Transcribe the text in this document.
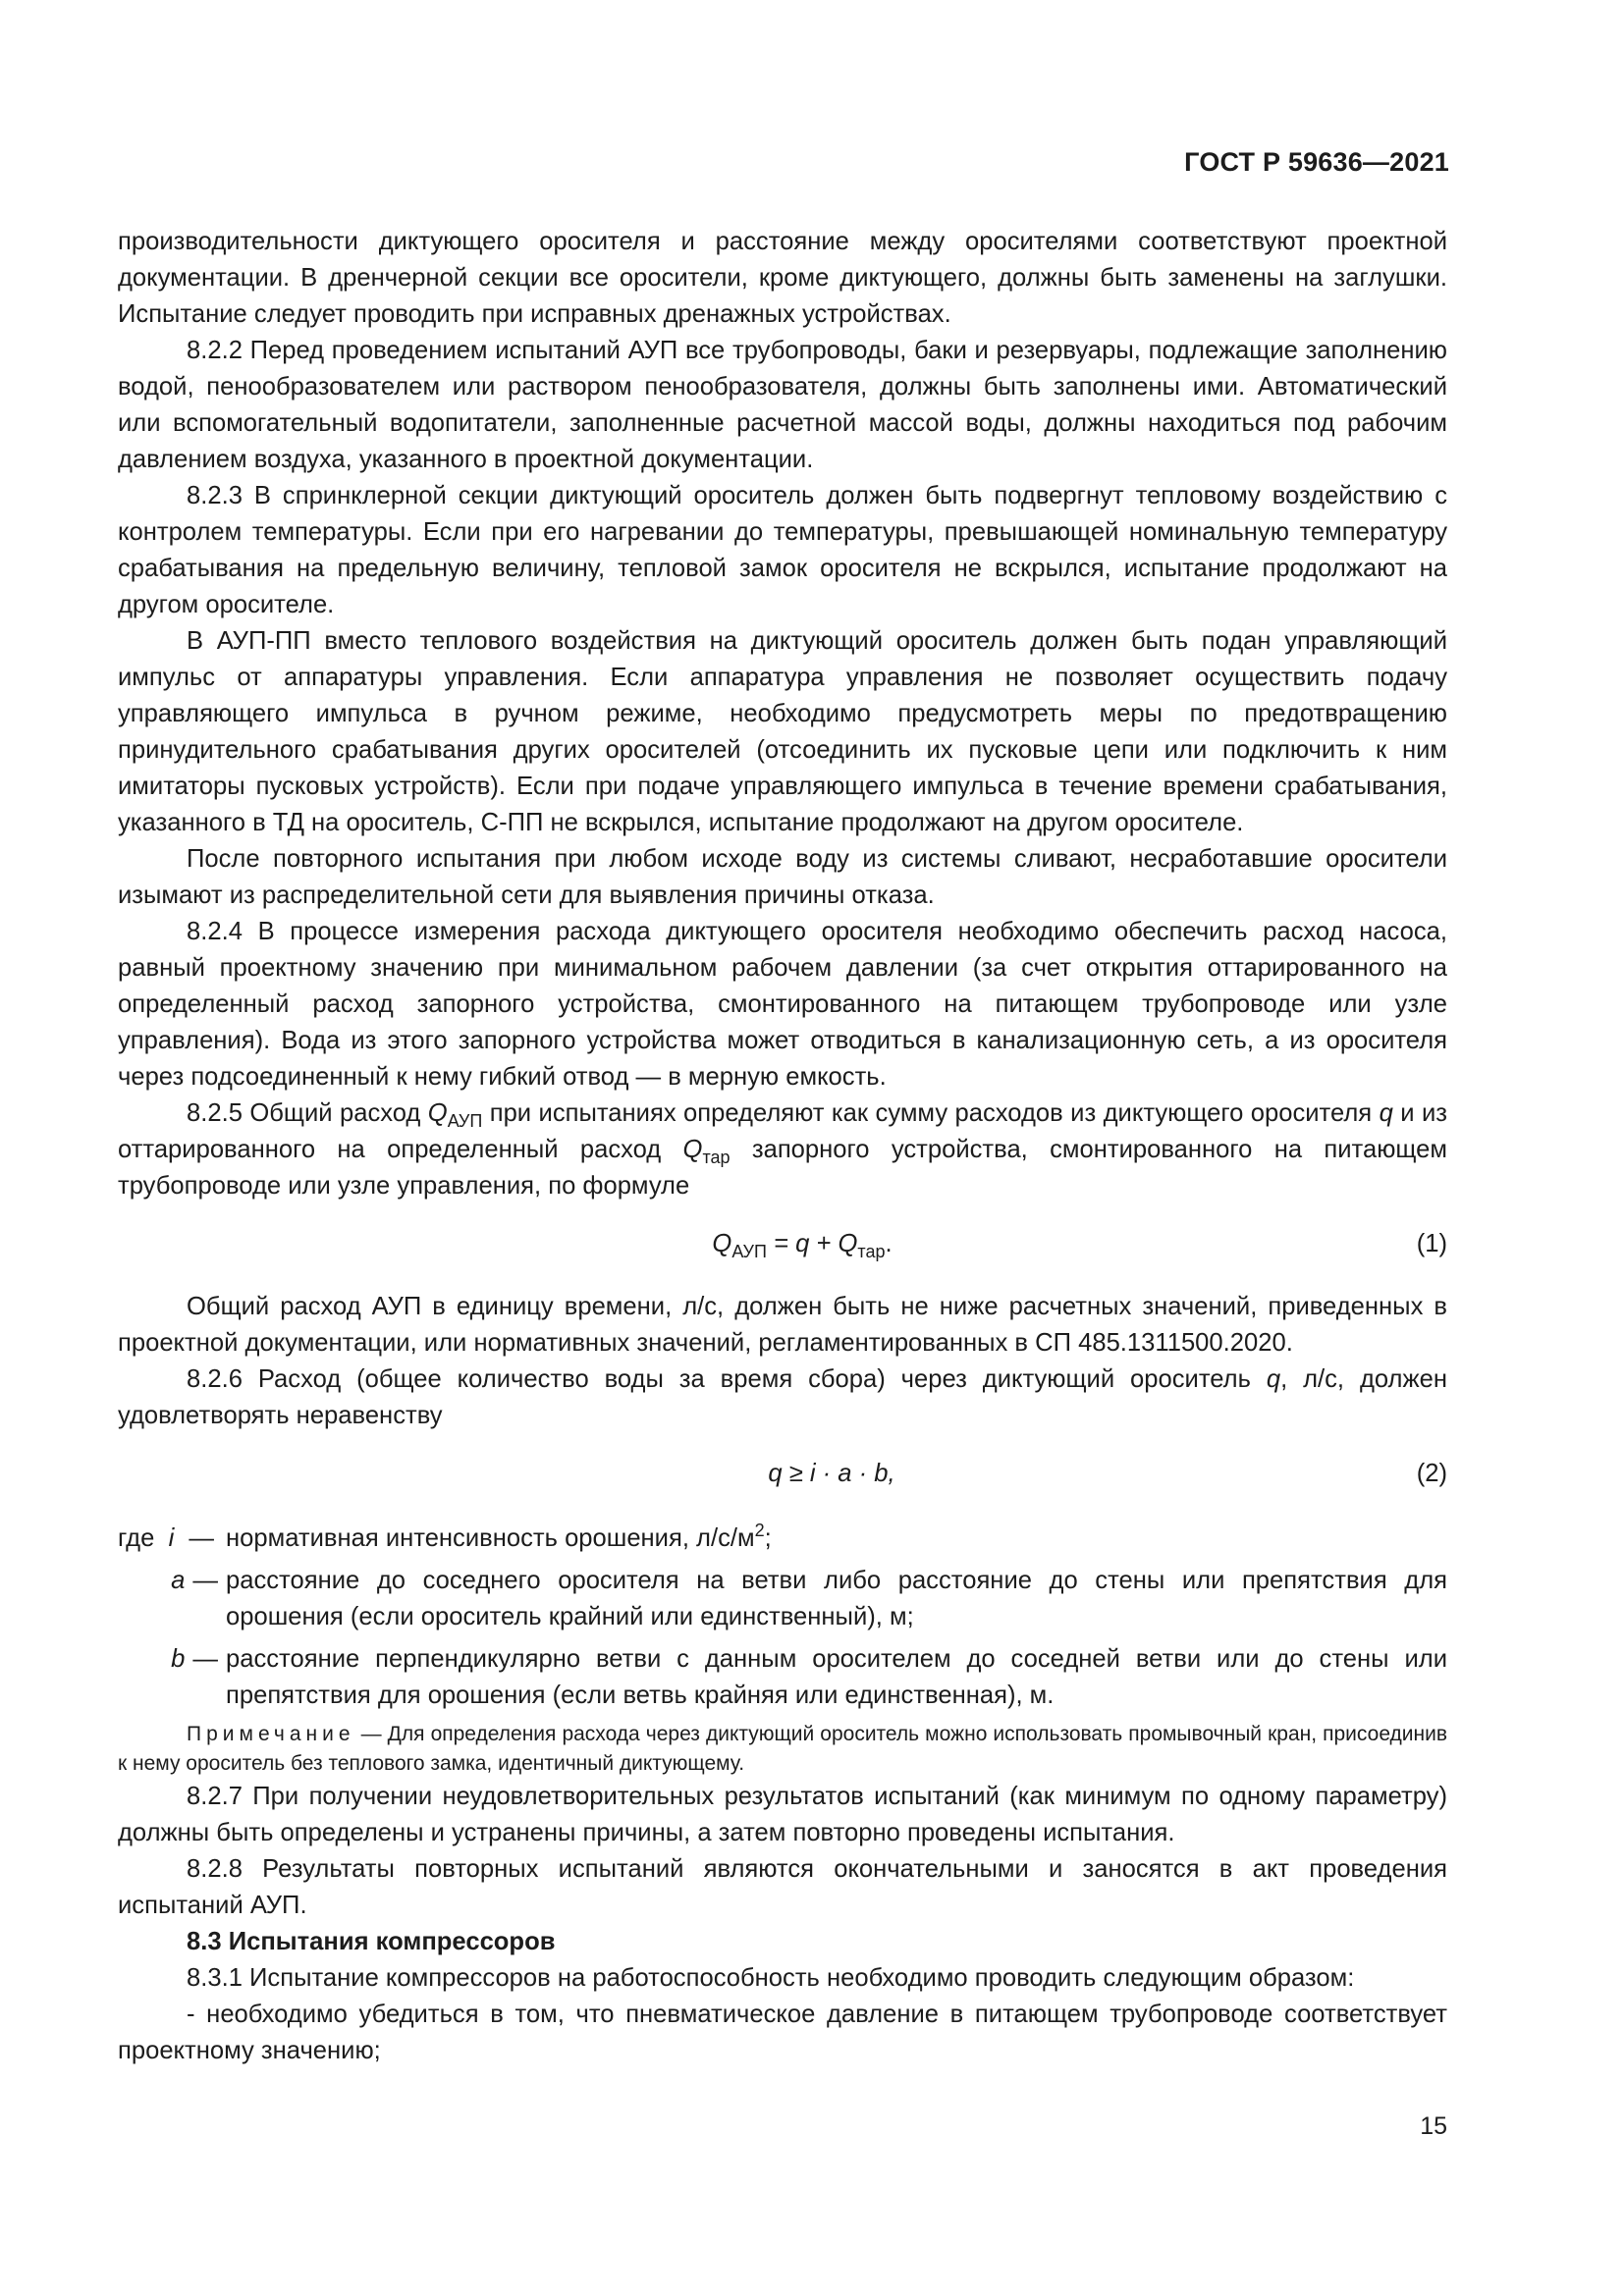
ГОСТ Р 59636—2021

производительности диктующего оросителя и расстояние между оросителями соответствуют проектной документации. В дренчерной секции все оросители, кроме диктующего, должны быть заменены на заглушки. Испытание следует проводить при исправных дренажных устройствах.

8.2.2 Перед проведением испытаний АУП все трубопроводы, баки и резервуары, подлежащие заполнению водой, пенообразователем или раствором пенообразователя, должны быть заполнены ими. Автоматический или вспомогательный водопитатели, заполненные расчетной массой воды, должны находиться под рабочим давлением воздуха, указанного в проектной документации.

8.2.3 В спринклерной секции диктующий ороситель должен быть подвергнут тепловому воздействию с контролем температуры. Если при его нагревании до температуры, превышающей номинальную температуру срабатывания на предельную величину, тепловой замок оросителя не вскрылся, испытание продолжают на другом оросителе.

В АУП-ПП вместо теплового воздействия на диктующий ороситель должен быть подан управляющий импульс от аппаратуры управления. Если аппаратура управления не позволяет осуществить подачу управляющего импульса в ручном режиме, необходимо предусмотреть меры по предотвращению принудительного срабатывания других оросителей (отсоединить их пусковые цепи или подключить к ним имитаторы пусковых устройств). Если при подаче управляющего импульса в течение времени срабатывания, указанного в ТД на ороситель, С-ПП не вскрылся, испытание продолжают на другом оросителе.

После повторного испытания при любом исходе воду из системы сливают, несработавшие оросители изымают из распределительной сети для выявления причины отказа.

8.2.4 В процессе измерения расхода диктующего оросителя необходимо обеспечить расход насоса, равный проектному значению при минимальном рабочем давлении (за счет открытия оттарированного на определенный расход запорного устройства, смонтированного на питающем трубопроводе или узле управления). Вода из этого запорного устройства может отводиться в канализационную сеть, а из оросителя через подсоединенный к нему гибкий отвод — в мерную емкость.

8.2.5 Общий расход $Q_{АУП}$ при испытаниях определяют как сумму расходов из диктующего оросителя q и из оттарированного на определенный расход $Q_{тар}$ запорного устройства, смонтированного на питающем трубопроводе или узле управления, по формуле

$Q_{АУП} = q + Q_{тар}$.	(1)

Общий расход АУП в единицу времени, л/с, должен быть не ниже расчетных значений, приведенных в проектной документации, или нормативных значений, регламентированных в СП 485.1311500.2020.

8.2.6 Расход (общее количество воды за время сбора) через диктующий ороситель q, л/с, должен удовлетворять неравенству

q ≥ i · a · b,	(2)
где i — нормативная интенсивность орошения, $л/с/м^2$;
a — расстояние до соседнего оросителя на ветви либо расстояние до стены или препятствия для орошения (если ороситель крайний или единственный), м;
b — расстояние перпендикулярно ветви с данным оросителем до соседней ветви или до стены или препятствия для орошения (если ветвь крайняя или единственная), м.

Примечание — Для определения расхода через диктующий ороситель можно использовать промывочный кран, присоединив к нему ороситель без теплового замка, идентичный диктующему.

8.2.7 При получении неудовлетворительных результатов испытаний (как минимум по одному параметру) должны быть определены и устранены причины, а затем повторно проведены испытания.

8.2.8 Результаты повторных испытаний являются окончательными и заносятся в акт проведения испытаний АУП.

8.3 Испытания компрессоров

8.3.1 Испытание компрессоров на работоспособность необходимо проводить следующим образом:

- необходимо убедиться в том, что пневматическое давление в питающем трубопроводе соответствует проектному значению;

15
